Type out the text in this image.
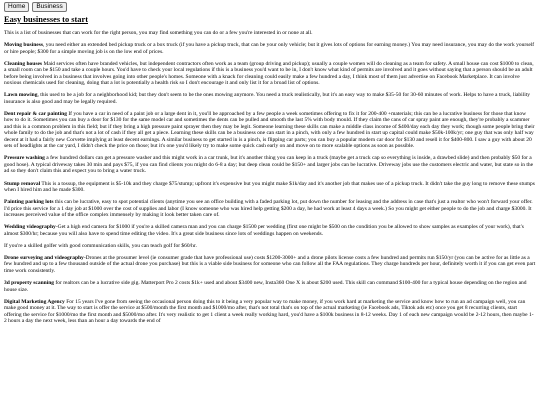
Home	Business
Easy businesses to start

This is a list of businesses that can work for the right person, you may find something you can do or a few you're interested in or none at all.

Moving business, you need either an extended bed pickup truck or a box truck (if you have a pickup truck, that can be your only vehicle; but it gives lots of options for earning money.) You may need insurance, you may do the work yourself or hire people; $300 for a simple moving job is on the low end of prices.

Cleaning houses Maid services often have branded vehicles, but independent contractors often work as a team (group driving and pickup); usually a couple women will do cleaning as a team for safety. A small house can cost $1000 to clean, a small room can be $150 and take a couple hours. You'd have to check your local regulations if this is a business you'd want to be in, I don't know what kind of permits are involved and it goes without saying that a person should be an adult before being involved in a business that involves going into other people's homes. Someone with a knack for cleaning could easily make a few hundred a day, I think most of them just advertise on Facebook Marketplace. It can involve noxious chemicals used for cleaning, doing that a lot is potentially a health risk so I don't encourage it and only list it for a broad list of options.

Lawn mowing, this used to be a job for a neighborhood kid; but they don't seem to be the ones mowing anymore. You need a truck realistically, but it's an easy way to make $35-50 for 30-60 minutes of work. Helps to have a truck, liability insurance is also good and may be legally required.

Dent repair & car painting If you have a car in need of a paint job or a large dent in it, you'll be approached by a few people a week sometimes offering to fix it for 200-400 +materials; this can be a lucrative business for those that know how to do it. Sometimes you can buy a door for $130 for the same model car and sometimes the dents can be pulled and smooth the last 5% with body mould. If they claim the cans of car spray paint are enough, they're probably a scammer and this is a common problem in this field; but if they bring a high pressure paint sprayer then they may be legit. Someone learning these skills can make a middle class income of $400/day each day they work; though some people bring their whole family to do the job and that's not a lot of cash if they all get a piece. Learning these skills can be a business one can start in a pinch, with only a few hundred in start up capital could make $50k-100k/yr; one guy that was only half way decent at it had a fairly new Corvette implying at least decent earnings. A similar business to get started in is a pinch, is flipping car parts; you can buy a popular modern car door for $130 and resell it for $400-800. I saw a guy with about 20 sets of headlights at the car yard, I didn't check the price on those; but it's one you'd likely try to make some quick cash early on and move on to more scalable options as soon as possible.

Pressure washing a few hundred dollars can get a pressure washer and this might work in a car trunk, but it's another thing you can keep in a truck (maybe get a truck cap so everything is inside, a drawbed slide) and then probably $50 for a good hose). A typical driveway takes 30 min and pays $75, if you can find clients you might do 6-8 a day; but deep clean could be $150+ and larger jobs can be lucrative. Driveway jobs use the customers electric and water, but state so in the ad so they don't claim this and expect you to bring a water truck.

Stump removal This is a tossup, the equipment is $5-10k and they charge $75/stump; upfront it's expensive but you might make $1k/day and it's another job that makes use of a pickup truck. It didn't take the guy long to remove these stumps when I hired him and he made $300.

Painting parking lots this can be lucrative, easy to spot potential clients (anytime you see an office building with a faded parking lot, put down the number for leasing and the address in case that's just a realtor who won't forward your offer. I'd price this service for a 1 day job at $1000 over the cost of supplies and labor (I know someone who was hired help getting $200 a day, he had work at least 4 days a week.) So you might get either people to do the job and charge $3000. It increases perceived value of the office complex immensely by making it look better taken care of.

Wedding videography-Get a high end camera for $1000 if you're a skilled camera man and you can charge $1500 per wedding (first one might be $500 on the condition you be allowed to show samples as examples of your work), that's almost $300/hr; because you will also have to spend time editing the video. It's a great side business since lots of weddings happen on weekends.

If you're a skilled golfer with good communication skills, you can teach golf for $60/hr.

Drone surveying and videography-Drones at the prosumer level (ie consumer grade that have professional use) costs $1200-3000+ and a drone pilots license costs a few hundred and permits run $150/yr (you can be active for as little as a few hundred and up to a few thousand outside of the actual drone you purchase) but this is a viable side business for someone who can follow all the FAA regulations. They charge hundreds per hour, definitely worth it if you can get even part time work consistently.

3d property scanning for realtors can be a lucrative side gig. Matterport Pro 2 costs $1k+ used and about $3400 new, Insta360 One X is about $200 used. This skill can command $100-400 for a typical house depending on the region and house size.

Digital Marketing Agency For 15 years I've gone from seeing the occasional person doing this to it being a very popular way to make money, if you work hard at marketing the service and know how to run an ad campaign well, you can make good money at it. The way to start is offer the service at $500/month the first month and $1000/mo after, that's not total that's on top of the actual marketing (ie Facebook ads, Tiktok ads etc) once you get 8 recurring clients, start offering the service for $1000/mo the first month and $5000/mo after. It's very realistic to get 1 client a week really working hard, you'd have a $100k business in 8-12 weeks. Day 1 of each new campaign would be 2-12 hours, then maybe 1-2 hours a day the next week, less than an hour a day towards the end of
